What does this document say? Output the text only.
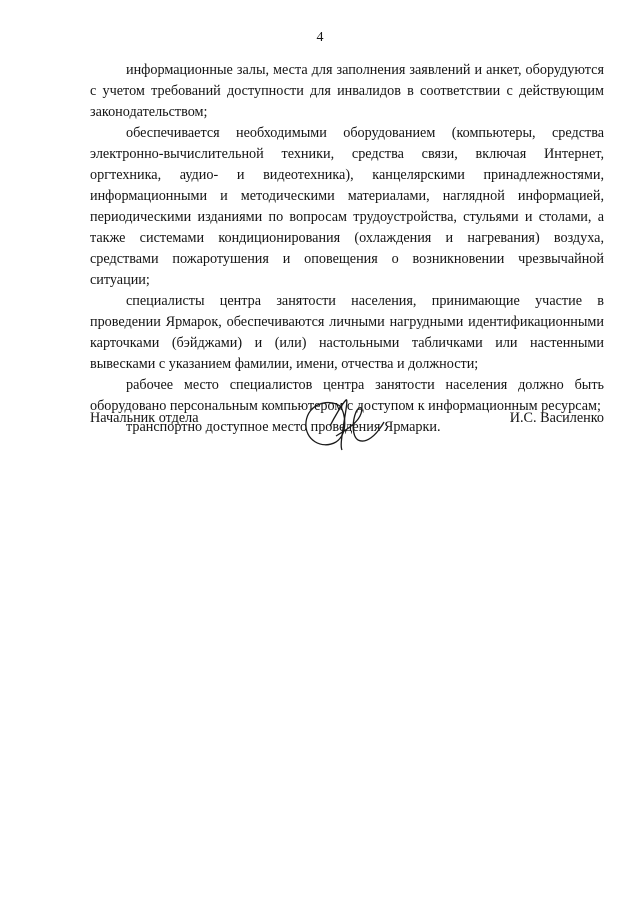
4

информационные залы, места для заполнения заявлений и анкет, оборудуются с учетом требований доступности для инвалидов в соответствии с действующим законодательством;

обеспечивается необходимыми оборудованием (компьютеры, средства электронно-вычислительной техники, средства связи, включая Интернет, оргтехника, аудио- и видеотехника), канцелярскими принадлежностями, информационными и методическими материалами, наглядной информацией, периодическими изданиями по вопросам трудоустройства, стульями и столами, а также системами кондиционирования (охлаждения и нагревания) воздуха, средствами пожаротушения и оповещения о возникновении чрезвычайной ситуации;

специалисты центра занятости населения, принимающие участие в проведении Ярмарок, обеспечиваются личными нагрудными идентификационными карточками (бэйджами) и (или) настольными табличками или настенными вывесками с указанием фамилии, имени, отчества и должности;

рабочее место специалистов центра занятости населения должно быть оборудовано персональным компьютером с доступом к информационным ресурсам;

транспортно доступное место проведения Ярмарки.

Начальник отдела	И.С. Василенко
